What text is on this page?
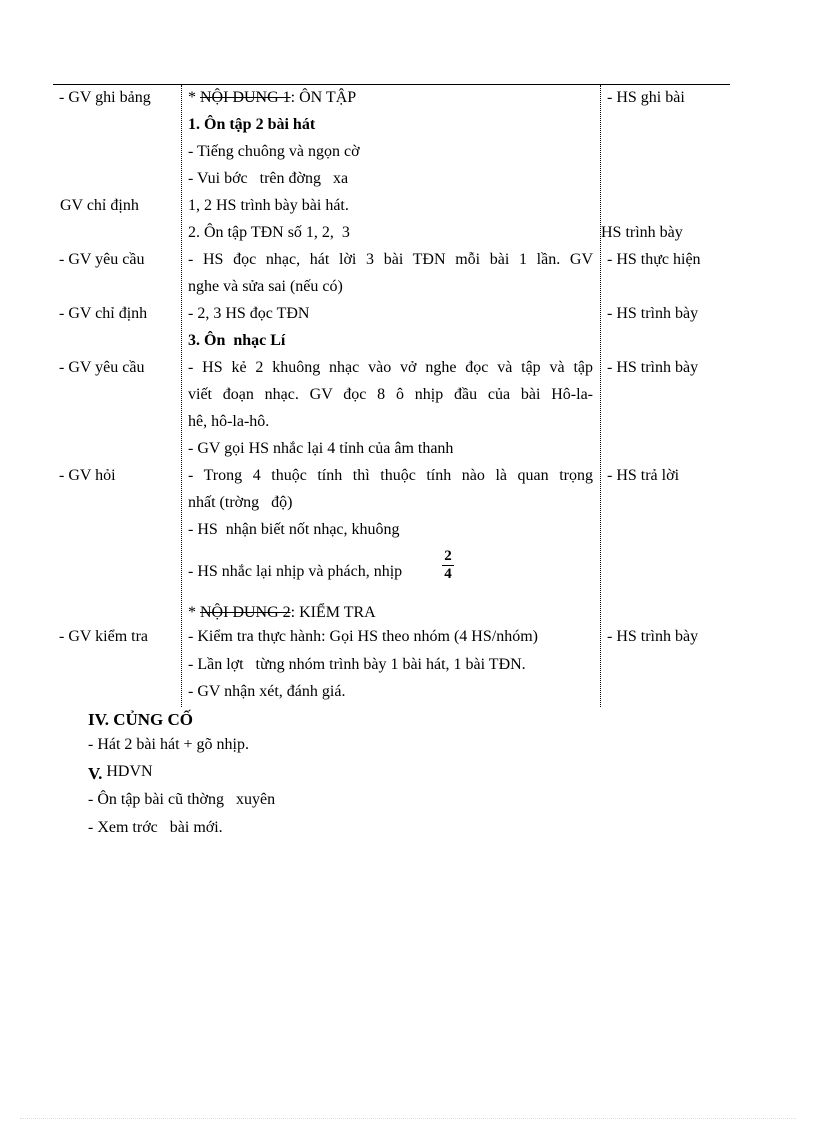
- GV ghi bảng
GV chỉ định
- GV yêu cầu
- GV chỉ định
- GV yêu cầu
- GV hỏi
- GV kiểm tra
* NỘI DUNG 1: ÔN TẬP
1. Ôn tập 2 bài hát
- Tiếng chuông và ngọn cờ
- Vui bớc   trên đờng   xa
1, 2 HS trình bày bài hát.
2. Ôn tập TĐN số 1, 2,  3
- HS đọc nhạc, hát lời 3 bài TĐN mỗi bài 1 lần. GV
nghe và sửa sai (nếu có)
- 2, 3 HS đọc TĐN
3. Ôn  nhạc Lí
- HS kẻ 2 khuông nhạc vào vở nghe đọc và tập và tập
viết đoạn nhạc. GV đọc 8 ô nhịp đầu của bài Hô-la-
hê, hô-la-hô.
- GV gọi HS nhắc lại 4 tỉnh của âm thanh
- Trong 4 thuộc tính thì thuộc tính nào là quan trọng
nhất (trờng   độ)
- HS  nhận biết nốt nhạc, khuông
- HS nhắc lại nhịp và phách, nhịp
2
4
* NỘI DUNG 2: KIỂM TRA
- Kiểm tra thực hành: Gọi HS theo nhóm (4 HS/nhóm)
- Lần lợt   từng nhóm trình bày 1 bài hát, 1 bài TĐN.
- GV nhận xét, đánh giá.
- HS ghi bài
HS trình bày
- HS thực hiện
- HS trình bày
- HS trình bày
- HS trả lời
- HS trình bày
IV. CỦNG CỐ
- Hát 2 bài hát + gõ nhịp.
V. HDVN
- Ôn tập bài cũ thờng   xuyên
- Xem trớc   bài mới.
